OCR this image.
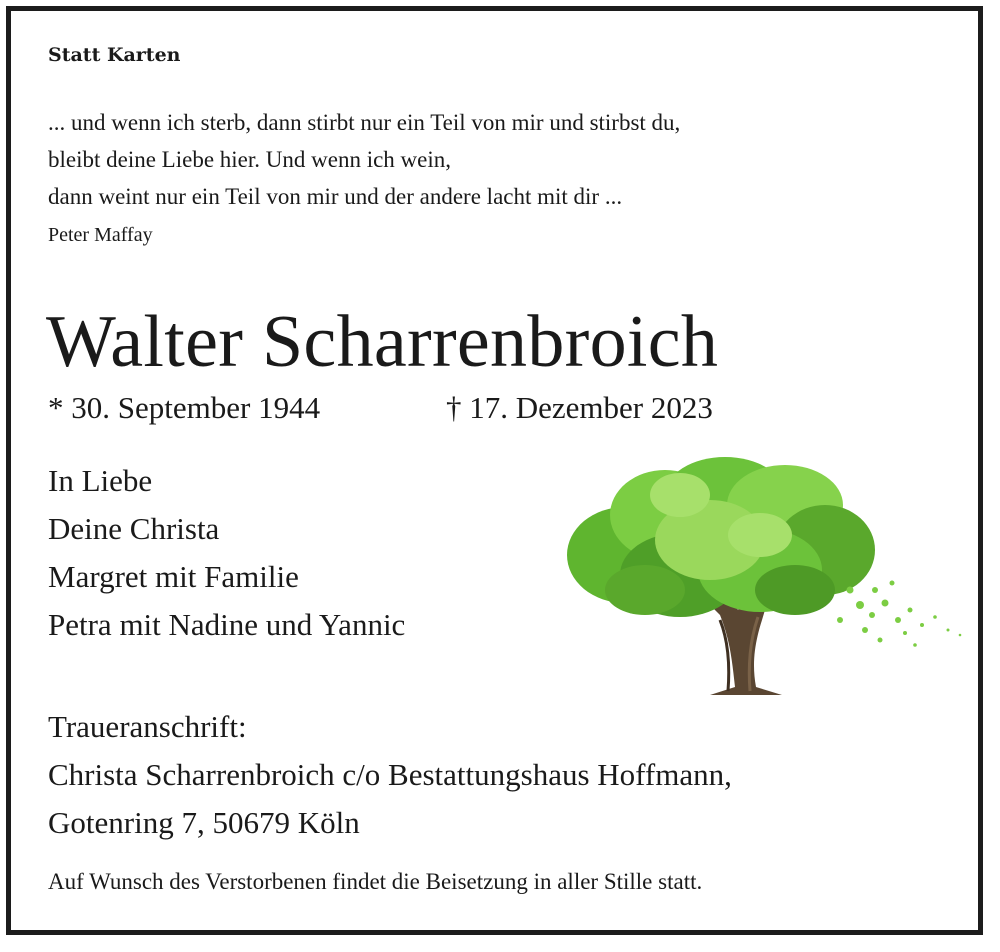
Statt Karten

... und wenn ich sterb, dann stirbt nur ein Teil von mir und stirbst du,
bleibt deine Liebe hier. Und wenn ich wein,
dann weint nur ein Teil von mir und der andere lacht mit dir ...

Peter Maffay

Walter Scharrenbroich
* 30. September 1944	† 17. Dezember 2023
In Liebe
Deine Christa
Margret mit Familie
Petra mit Nadine und Yannic
Traueranschrift:
Christa Scharrenbroich c/o Bestattungshaus Hoffmann,
Gotenring 7, 50679 Köln

Auf Wunsch des Verstorbenen findet die Beisetzung in aller Stille statt.
